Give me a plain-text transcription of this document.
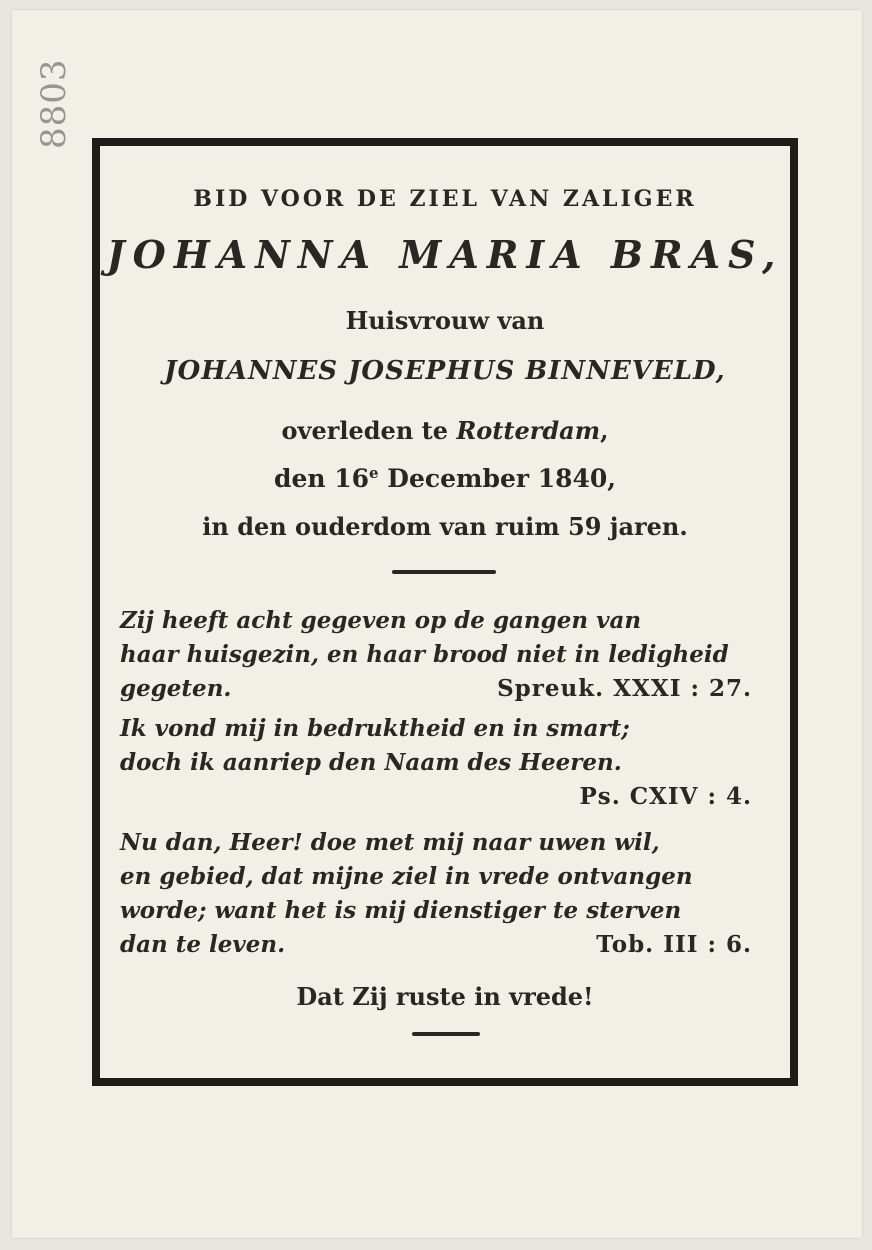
8803
BID VOOR DE ZIEL VAN ZALIGER
JOHANNA MARIA BRAS,
Huisvrouw van
JOHANNES JOSEPHUS BINNEVELD,
overleden te Rotterdam,
den 16e December 1840,
in den ouderdom van ruim 59 jaren.
Zij heeft acht gegeven op de gangen van
haar huisgezin, en haar brood niet in ledigheid
gegeten.	Spreuk. XXXI : 27.
Ik vond mij in bedruktheid en in smart;
doch ik aanriep den Naam des Heeren.
Ps. CXIV : 4.
Nu dan, Heer! doe met mij naar uwen wil,
en gebied, dat mijne ziel in vrede ontvangen
worde; want het is mij dienstiger te sterven
dan te leven.	Tob. III : 6.
Dat Zij ruste in vrede!
